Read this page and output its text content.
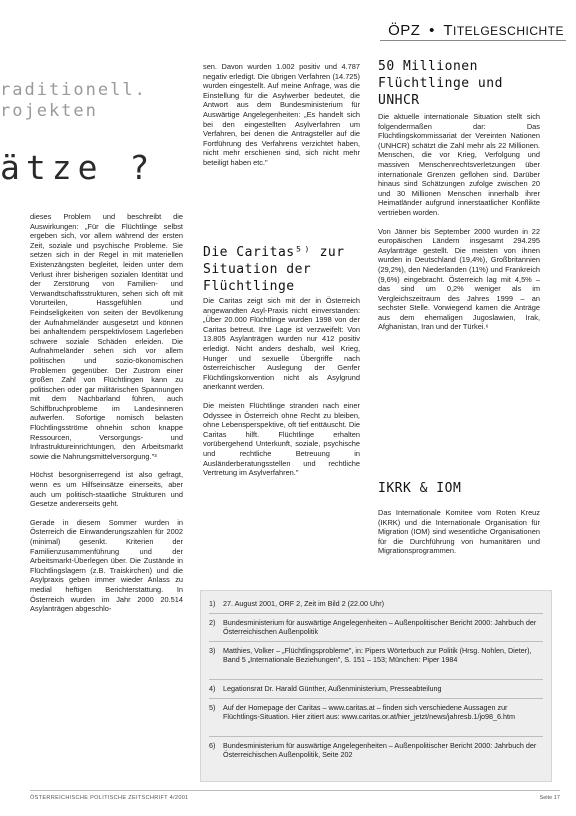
ÖPZ • TITELGESCHICHTE
raditionell.
rojekten
ätze ?

dieses Problem und beschreibt die Auswirkungen: „Für die Flüchtlinge selbst ergeben sich, vor allem während der ersten Zeit, soziale und psychische Probleme. Sie setzen sich in der Regel in mit materiellen Existenzängsten begleitet, leiden unter dem Verlust ihrer bisherigen sozialen Identität und der Zerstörung von Familien- und Verwandtschaftsstrukturen, sehen sich oft mit Vorurteilen, Hassgefühlen und Feindseligkeiten von seiten der Bevölkerung der Aufnahmeländer ausgesetzt und können bei anhaltendem perspektivlosem Lagerleben schwere soziale Schäden erleiden. Die Aufnahmeländer sehen sich vor allem politischen und sozio-ökonomischen Problemen gegenüber. Der Zustrom einer großen Zahl von Flüchtlingen kann zu politischen oder gar militärischen Spannungen mit dem Nachbarland führen, auch Schiffbruchprobleme im Landesinneren aufwerfen. Sofortige nomisch belasten Flüchtlingsströme ohnehin schon knappe Ressourcen, Versorgungs- und Infrastruktureinrichtungen, den Arbeitsmarkt sowie die Nahrungsmittelversorgung."³

Höchst besorgniserregend ist also gefragt, wenn es um Hilfseinsätze einerseits, aber auch um politisch-staatliche Strukturen und Gesetze andererseits geht.

Gerade in diesem Sommer wurden in Österreich die Einwanderungszahlen für 2002 (minimal) gesenkt. Kriterien der Familienzusammenführung und der Arbeitsmarkt-Überlegen über. Die Zustände in Flüchtlingslagern (z.B. Traiskirchen) und die Asylpraxis geben immer wieder Anlass zu medial heftigen Berichterstattung. In Österreich wurden im Jahr 2000 20.514 Asylanträgen abgeschlo-

sen. Davon wurden 1.002 positiv und 4.787 negativ erledigt. Die übrigen Verfahren (14.725) wurden eingestellt. Auf meine Anfrage, was die Einstellung für die Asylwerber bedeutet, die Antwort aus dem Bundesministerium für Auswärtige Angelegenheiten: „Es handelt sich bei den eingestellten Asylverfahren um Verfahren, bei denen die Antragsteller auf die Fortführung des Verfahrens verzichtet haben, nicht mehr erschienen sind, sich nicht mehr beteiligt haben etc."

Die Caritas⁵⁾ zur Situation der Flüchtlinge

Die Caritas zeigt sich mit der in Österreich angewandten Asyl-Praxis nicht einverstanden: „Über 20.000 Flüchtlinge wurden 1998 von der Caritas betreut. Ihre Lage ist verzweifelt: Von 13.805 Asylanträgen wurden nur 412 positiv erledigt. Nicht anders deshalb, weil Krieg, Hunger und sexuelle Übergriffe nach österreichischer Auslegung der Genfer Flüchtlingskonvention nicht als Asylgrund anerkannt werden.

Die meisten Flüchtlinge stranden nach einer Odyssee in Österreich ohne Recht zu bleiben, ohne Lebensperspektive, oft tief enttäuscht. Die Caritas hilft. Flüchtlinge erhalten vorübergehend Unterkunft, soziale, psychische und rechtliche Betreuung in Ausländerberatungsstellen und rechtliche Vertretung im Asylverfahren."

50 Millionen Flüchtlinge und UNHCR

Die aktuelle internationale Situation stellt sich folgendermaßen dar: Das Flüchtlingskommissariat der Vereinten Nationen (UNHCR) schätzt die Zahl mehr als 22 Millionen. Menschen, die vor Krieg, Verfolgung und massiven Menschenrechtsverletzungen über internationale Grenzen geflohen sind. Darüber hinaus sind Schätzungen zufolge zwischen 20 und 30 Millionen Menschen innerhalb ihrer Heimatländer aufgrund innerstaatlicher Konflikte vertrieben worden.

Von Jänner bis September 2000 wurden in 22 europäischen Ländern insgesamt 294.295 Asylanträge gestellt. Die meisten von ihnen wurden in Deutschland (19,4%), Großbritannien (29,2%), den Niederlanden (11%) und Frankreich (9,6%) eingebracht. Österreich lag mit 4,5% – das sind um 0,2% weniger als im Vergleichszeitraum des Jahres 1999 – an sechster Stelle. Vorwiegend kamen die Anträge aus dem ehemaligen Jugoslawien, Irak, Afghanistan, Iran und der Türkei.⁶

IKRK & IOM

Das Internationale Komitee vom Roten Kreuz (IKRK) und die Internationale Organisation für Migration (IOM) sind wesentliche Organisationen für die Durchführung von humanitären und Migrationsprogrammen.

1)	27. August 2001, ORF 2, Zeit im Bild 2 (22.00 Uhr)
2)	Bundesministerium für auswärtige Angelegenheiten – Außenpolitischer Bericht 2000: Jahrbuch der Österreichischen Außenpolitik
3)	Matthies, Volker – „Flüchtlingsprobleme", in: Pipers Wörterbuch zur Politik (Hrsg. Nohlen, Dieter), Band 5 „Internationale Beziehungen", S. 151 – 153; München: Piper 1984
4)	Legationsrat Dr. Harald Günther, Außenministerium, Presseabteilung
5)	Auf der Homepage der Caritas – www.caritas.at – finden sich verschiedene Aussagen zur Flüchtlings-Situation. Hier zitiert aus: www.caritas.or.at/hier_jetzt/news/jahresb.1/jo98_6.htm
6)	Bundesministerium für auswärtige Angelegenheiten – Außenpolitischer Bericht 2000: Jahrbuch der Österreichischen Außenpolitik, Seite 202
ÖSTERREICHISCHE POLITISCHE ZEITSCHRIFT 4/2001	Seite 17
